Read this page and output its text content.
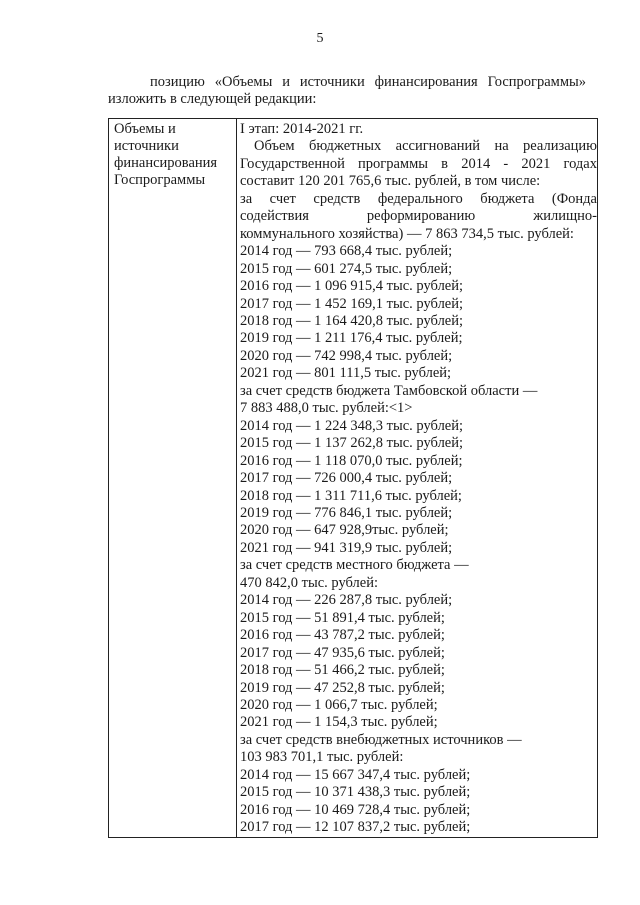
5
позицию «Объемы и источники финансирования Госпрограммы»
изложить в следующей редакции:
Объемы и
источники
финансирования
Госпрограммы

I этап: 2014-2021 гг.
Объем бюджетных ассигнований на реализацию
Государственной программы в 2014 - 2021 годах
составит 120 201 765,6 тыс. рублей, в том числе:
за счет средств федерального бюджета (Фонда
содействия реформированию жилищно-
коммунального хозяйства) — 7 863 734,5 тыс. рублей:
2014 год — 793 668,4 тыс. рублей;
2015 год — 601 274,5 тыс. рублей;
2016 год — 1 096 915,4 тыс. рублей;
2017 год — 1 452 169,1 тыс. рублей;
2018 год — 1 164 420,8 тыс. рублей;
2019 год — 1 211 176,4 тыс. рублей;
2020 год — 742 998,4 тыс. рублей;
2021 год — 801 111,5 тыс. рублей;
за счет средств бюджета Тамбовской области —
7 883 488,0 тыс. рублей:<1>
2014 год — 1 224 348,3 тыс. рублей;
2015 год — 1 137 262,8 тыс. рублей;
2016 год — 1 118 070,0 тыс. рублей;
2017 год — 726 000,4 тыс. рублей;
2018 год — 1 311 711,6 тыс. рублей;
2019 год — 776 846,1 тыс. рублей;
2020 год — 647 928,9тыс. рублей;
2021 год — 941 319,9 тыс. рублей;
за счет средств местного бюджета —
470 842,0 тыс. рублей:
2014 год — 226 287,8 тыс. рублей;
2015 год — 51 891,4 тыс. рублей;
2016 год — 43 787,2 тыс. рублей;
2017 год — 47 935,6 тыс. рублей;
2018 год — 51 466,2 тыс. рублей;
2019 год — 47 252,8 тыс. рублей;
2020 год — 1 066,7 тыс. рублей;
2021 год — 1 154,3 тыс. рублей;
за счет средств внебюджетных источников —
103 983 701,1 тыс. рублей:
2014 год — 15 667 347,4 тыс. рублей;
2015 год — 10 371 438,3 тыс. рублей;
2016 год — 10 469 728,4 тыс. рублей;
2017 год — 12 107 837,2 тыс. рублей;
